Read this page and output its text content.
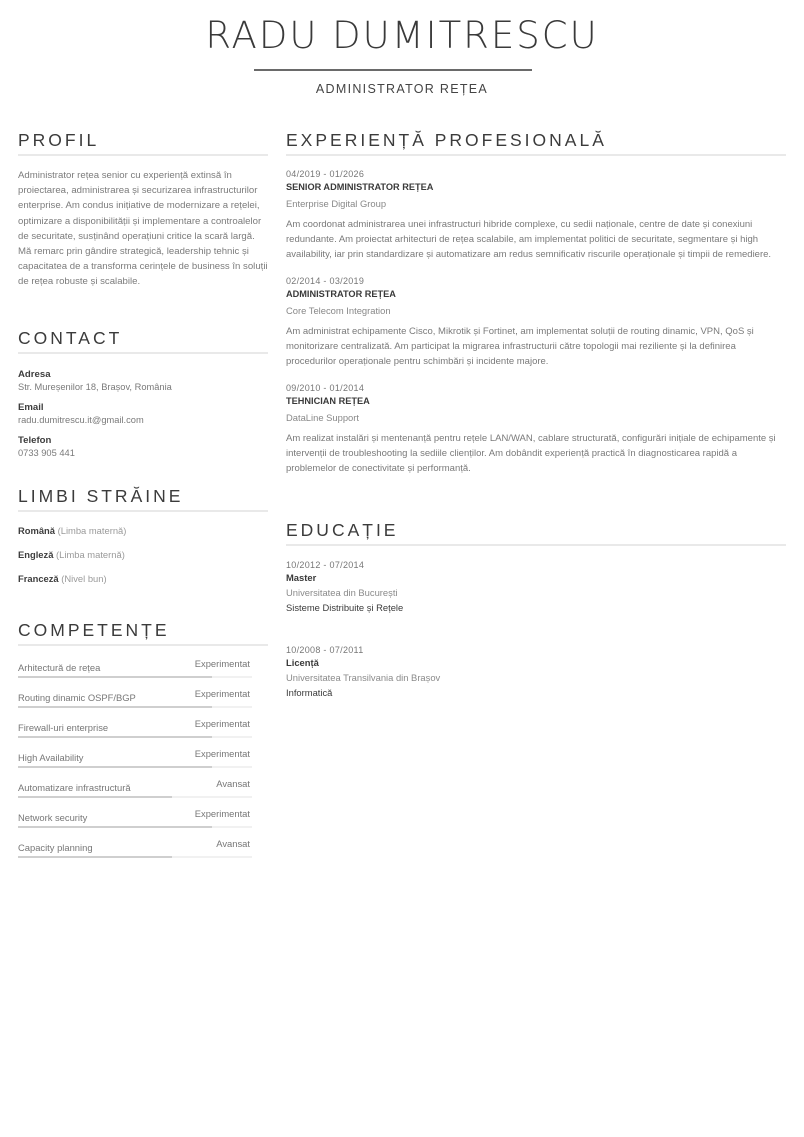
RADU DUMITRESCU
ADMINISTRATOR REȚEA
PROFIL
Administrator rețea senior cu experiență extinsă în proiectarea, administrarea și securizarea infrastructurilor enterprise. Am condus inițiative de modernizare a rețelei, optimizare a disponibilității și implementare a controalelor de securitate, susținând operațiuni critice la scară largă. Mă remarc prin gândire strategică, leadership tehnic și capacitatea de a transforma cerințele de business în soluții de rețea robuste și scalabile.
CONTACT
Adresa
Str. Mureșenilor 18, Brașov, România
Email
radu.dumitrescu.it@gmail.com
Telefon
0733 905 441
LIMBI STRĂINE
Română (Limba maternă)
Engleză (Limba maternă)
Franceză (Nivel bun)
COMPETENȚE
Arhitectură de rețea	Experimentat
Routing dinamic OSPF/BGP	Experimentat
Firewall-uri enterprise	Experimentat
High Availability	Experimentat
Automatizare infrastructură	Avansat
Network security	Experimentat
Capacity planning	Avansat
EXPERIENȚĂ PROFESIONALĂ
04/2019 - 01/2026
SENIOR ADMINISTRATOR REȚEA
Enterprise Digital Group
Am coordonat administrarea unei infrastructuri hibride complexe, cu sedii naționale, centre de date și conexiuni redundante. Am proiectat arhitecturi de rețea scalabile, am implementat politici de securitate, segmentare și high availability, iar prin standardizare și automatizare am redus semnificativ riscurile operaționale și timpii de remediere.
02/2014 - 03/2019
ADMINISTRATOR REȚEA
Core Telecom Integration
Am administrat echipamente Cisco, Mikrotik și Fortinet, am implementat soluții de routing dinamic, VPN, QoS și monitorizare centralizată. Am participat la migrarea infrastructurii către topologii mai reziliente și la definirea procedurilor operaționale pentru schimbări și incidente majore.
09/2010 - 01/2014
TEHNICIAN REȚEA
DataLine Support
Am realizat instalări și mentenanță pentru rețele LAN/WAN, cablare structurată, configurări inițiale de echipamente și intervenții de troubleshooting la sediile clienților. Am dobândit experiență practică în diagnosticarea rapidă a problemelor de conectivitate și performanță.
EDUCAȚIE
10/2012 - 07/2014
Master
Universitatea din București
Sisteme Distribuite și Rețele
10/2008 - 07/2011
Licență
Universitatea Transilvania din Brașov
Informatică
